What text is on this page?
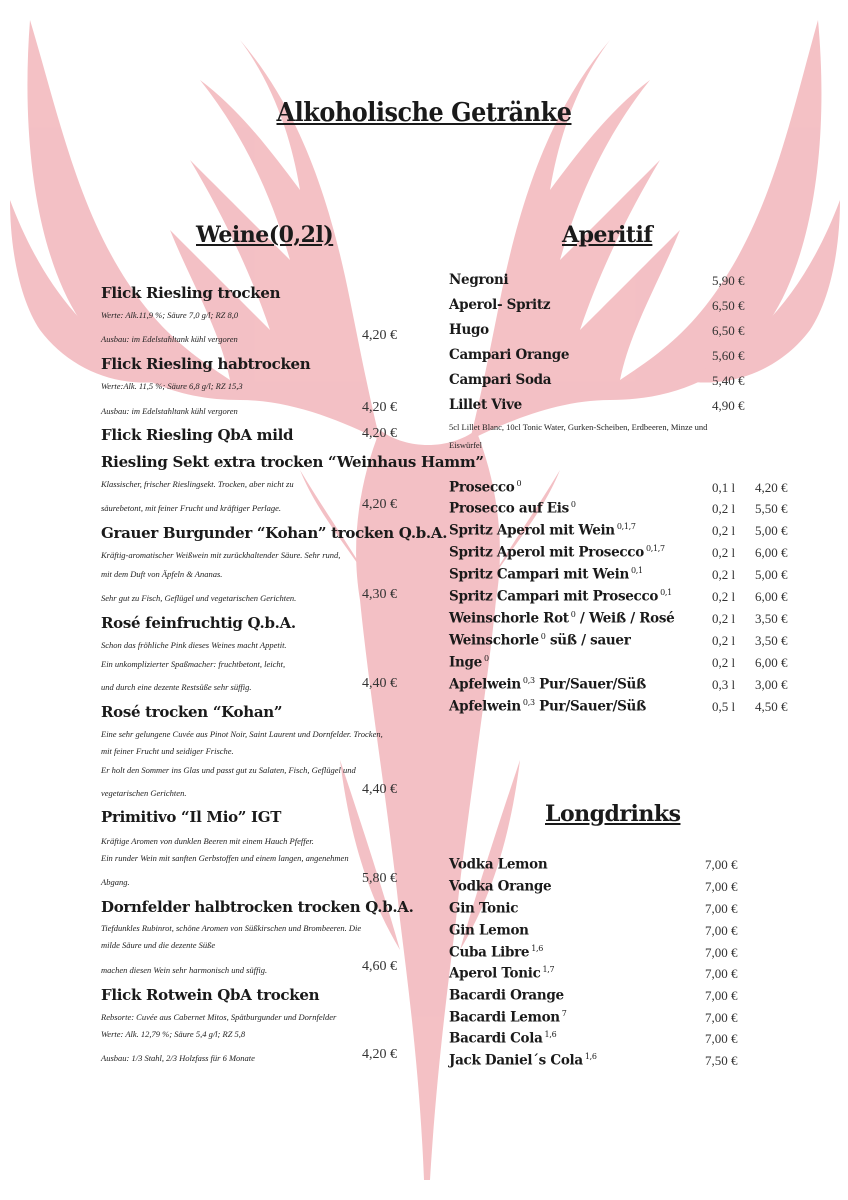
Alkoholische Getränke
Weine(0,2l)	Aperitif
Longdrinks
Flick Riesling trocken
Werte: Alk.11,9 %; Säure 7,0 g/l; RZ 8,0
Ausbau: im Edelstahltank kühl vergoren	4,20 €
Flick Riesling habtrocken
Werte:Alk. 11,5 %; Säure 6,8 g/l; RZ 15,3
Ausbau: im Edelstahltank kühl vergoren	4,20 €
Flick Riesling QbA mild	4,20 €
Riesling Sekt extra trocken “Weinhaus Hamm”
Klassischer, frischer Rieslingsekt. Trocken, aber nicht zu
säurebetont, mit feiner Frucht und kräftiger Perlage.	4,20 €
Grauer Burgunder “Kohan” trocken Q.b.A.
Kräftig-aromatischer Weißwein mit zurückhaltender Säure. Sehr rund,
mit dem Duft von Äpfeln & Ananas.
Sehr gut zu Fisch, Geflügel und vegetarischen Gerichten.	4,30 €
Rosé feinfruchtig Q.b.A.
Schon das fröhliche Pink dieses Weines macht Appetit.
Ein unkomplizierter Spaßmacher: fruchtbetont, leicht,
und durch eine dezente Restsüße sehr süffig.	4,40 €
Rosé trocken “Kohan”
Eine sehr gelungene Cuvée aus Pinot Noir, Saint Laurent und Dornfelder. Trocken,
mit feiner Frucht und seidiger Frische.
Er holt den Sommer ins Glas und passt gut zu Salaten, Fisch, Geflügel und
vegetarischen Gerichten.	4,40 €
Primitivo “Il Mio” IGT
Kräftige Aromen von dunklen Beeren mit einem Hauch Pfeffer.
Ein runder Wein mit sanften Gerbstoffen und einem langen, angenehmen
Abgang.	5,80 €
Dornfelder halbtrocken trocken Q.b.A.
Tiefdunkles Rubinrot, schöne Aromen von Süßkirschen und Brombeeren. Die
milde Säure und die dezente Süße
machen diesen Wein sehr harmonisch und süffig.	4,60 €
Flick Rotwein QbA trocken
Rebsorte: Cuvée aus Cabernet Mitos, Spätburgunder und Dornfelder
Werte: Alk. 12,79 %; Säure 5,4 g/l; RZ 5,8
Ausbau: 1/3 Stahl, 2/3 Holzfass für 6 Monate	4,20 €
Negroni	5,90 €
Aperol- Spritz	6,50 €
Hugo	6,50 €
Campari Orange	5,60 €
Campari Soda	5,40 €
Lillet Vive	4,90 €
5cl Lillet Blanc, 10cl Tonic Water, Gurken-Scheiben, Erdbeeren, Minze und
Eiswürfel
Prosecco $^0$	0,1 l 4,20 €
Prosecco auf Eis $^0$	0,2 l 5,50 €
Spritz Aperol mit Wein $^{0,1,7}$	0,2 l 5,00 €
Spritz Aperol mit Prosecco $^{0,1,7}$	0,2 l 6,00 €
Spritz Campari mit Wein $^{0,1}$	0,2 l 5,00 €
Spritz Campari mit Prosecco $^{0,1}$	0,2 l 6,00 €
Weinschorle Rot $^0$ / Weiß / Rosé	0,2 l 3,50 €
Weinschorle $^0$ süß / sauer	0,2 l 3,50 €
Inge $^0$	0,2 l 6,00 €
Apfelwein $^{0,3}$ Pur/Sauer/Süß	0,3 l 3,00 €
Apfelwein $^{0,3}$ Pur/Sauer/Süß	0,5 l 4,50 €
Vodka Lemon	7,00 €
Vodka Orange	7,00 €
Gin Tonic	7,00 €
Gin Lemon	7,00 €
Cuba Libre $^{1,6}$	7,00 €
Aperol Tonic $^{1,7}$	7,00 €
Bacardi Orange	7,00 €
Bacardi Lemon $^7$	7,00 €
Bacardi Cola $^{1,6}$	7,00 €
Jack Daniel´s Cola $^{1,6}$	7,50 €
